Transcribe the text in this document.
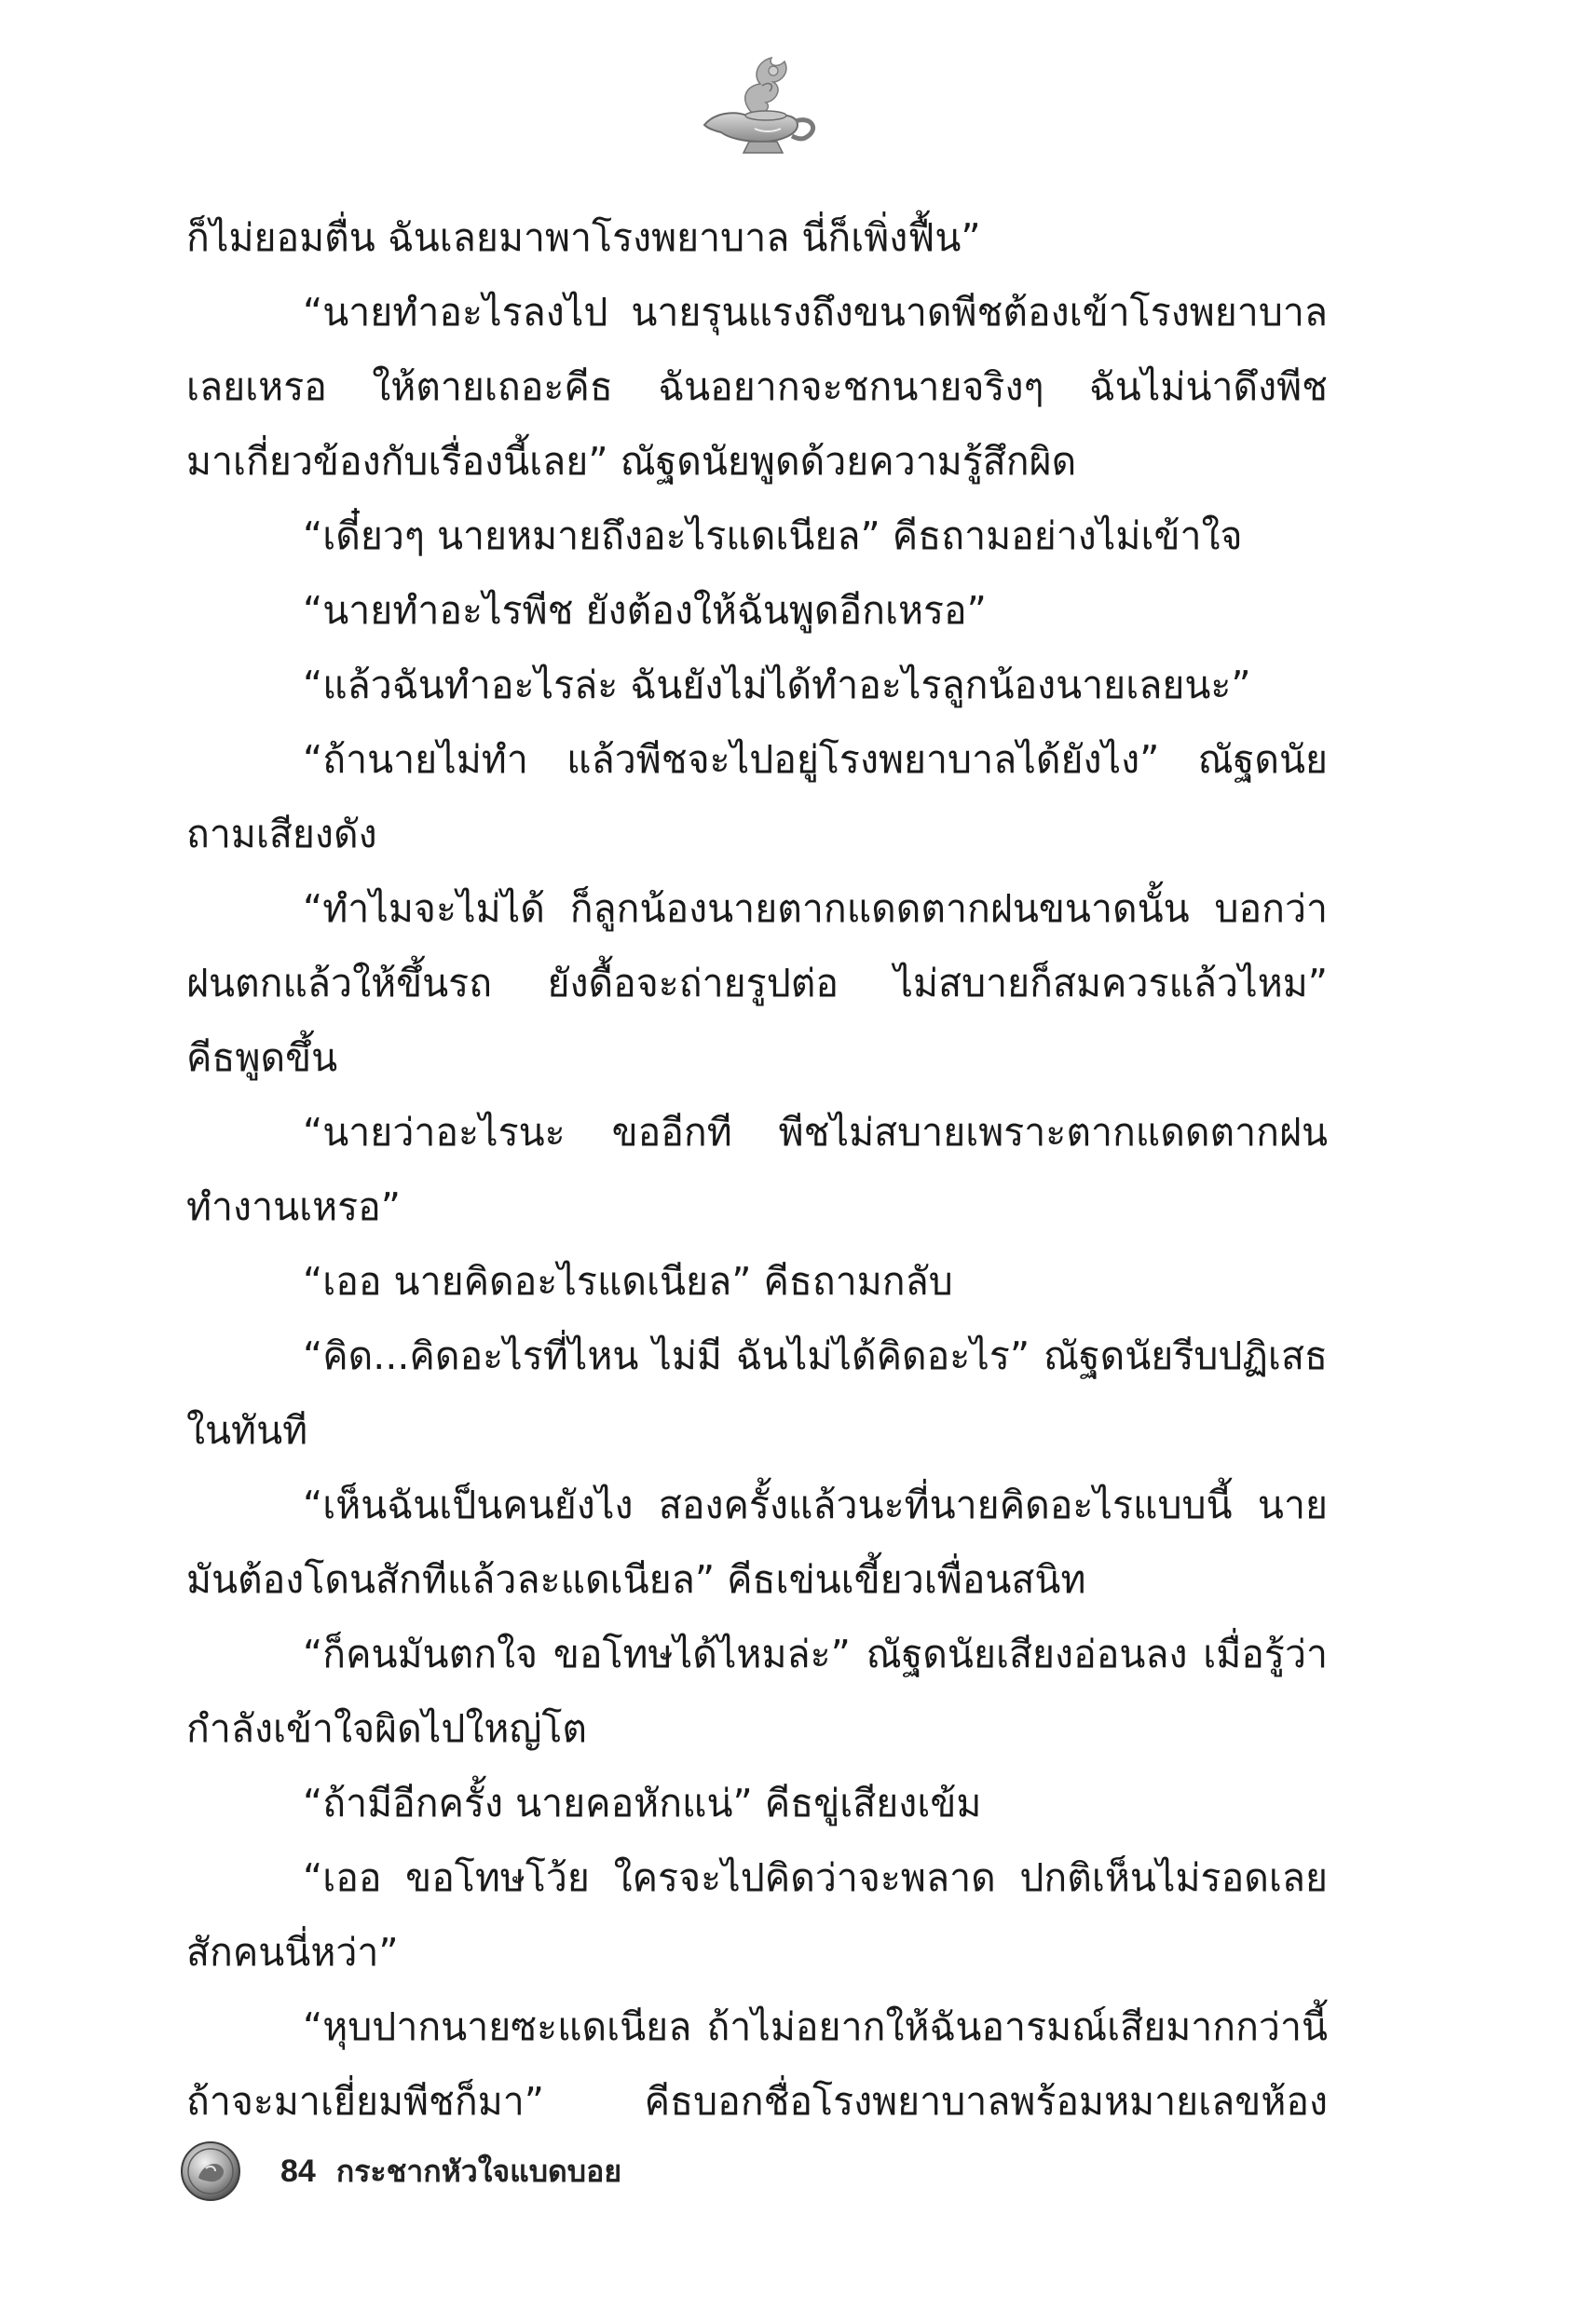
ก็ไม่ยอมตื่น ฉันเลยมาพาโรงพยาบาล นี่ก็เพิ่งฟื้น”
“นายทำอะไรลงไป นายรุนแรงถึงขนาดพีชต้องเข้าโรงพยาบาล
เลยเหรอ ให้ตายเถอะคีธ ฉันอยากจะชกนายจริงๆ ฉันไม่น่าดึงพีช
มาเกี่ยวข้องกับเรื่องนี้เลย” ณัฐดนัยพูดด้วยความรู้สึกผิด
“เดี๋ยวๆ นายหมายถึงอะไรแดเนียล” คีธถามอย่างไม่เข้าใจ
“นายทำอะไรพีช ยังต้องให้ฉันพูดอีกเหรอ”
“แล้วฉันทำอะไรล่ะ ฉันยังไม่ได้ทำอะไรลูกน้องนายเลยนะ”
“ถ้านายไม่ทำ แล้วพีชจะไปอยู่โรงพยาบาลได้ยังไง” ณัฐดนัย
ถามเสียงดัง
“ทำไมจะไม่ได้ ก็ลูกน้องนายตากแดดตากฝนขนาดนั้น บอกว่า
ฝนตกแล้วให้ขึ้นรถ ยังดื้อจะถ่ายรูปต่อ ไม่สบายก็สมควรแล้วไหม”
คีธพูดขึ้น
“นายว่าอะไรนะ ขออีกที พีชไม่สบายเพราะตากแดดตากฝน
ทำงานเหรอ”
“เออ นายคิดอะไรแดเนียล” คีธถามกลับ
“คิด...คิดอะไรที่ไหน ไม่มี ฉันไม่ได้คิดอะไร” ณัฐดนัยรีบปฏิเสธ
ในทันที
“เห็นฉันเป็นคนยังไง สองครั้งแล้วนะที่นายคิดอะไรแบบนี้ นาย
มันต้องโดนสักทีแล้วละแดเนียล” คีธเข่นเขี้ยวเพื่อนสนิท
“ก็คนมันตกใจ ขอโทษได้ไหมล่ะ” ณัฐดนัยเสียงอ่อนลง เมื่อรู้ว่า
กำลังเข้าใจผิดไปใหญ่โต
“ถ้ามีอีกครั้ง นายคอหักแน่” คีธขู่เสียงเข้ม
“เออ ขอโทษโว้ย ใครจะไปคิดว่าจะพลาด ปกติเห็นไม่รอดเลย
สักคนนี่หว่า”
“หุบปากนายซะแดเนียล ถ้าไม่อยากให้ฉันอารมณ์เสียมากกว่านี้
ถ้าจะมาเยี่ยมพีชก็มา” คีธบอกชื่อโรงพยาบาลพร้อมหมายเลขห้อง
84 กระชากหัวใจแบดบอย
